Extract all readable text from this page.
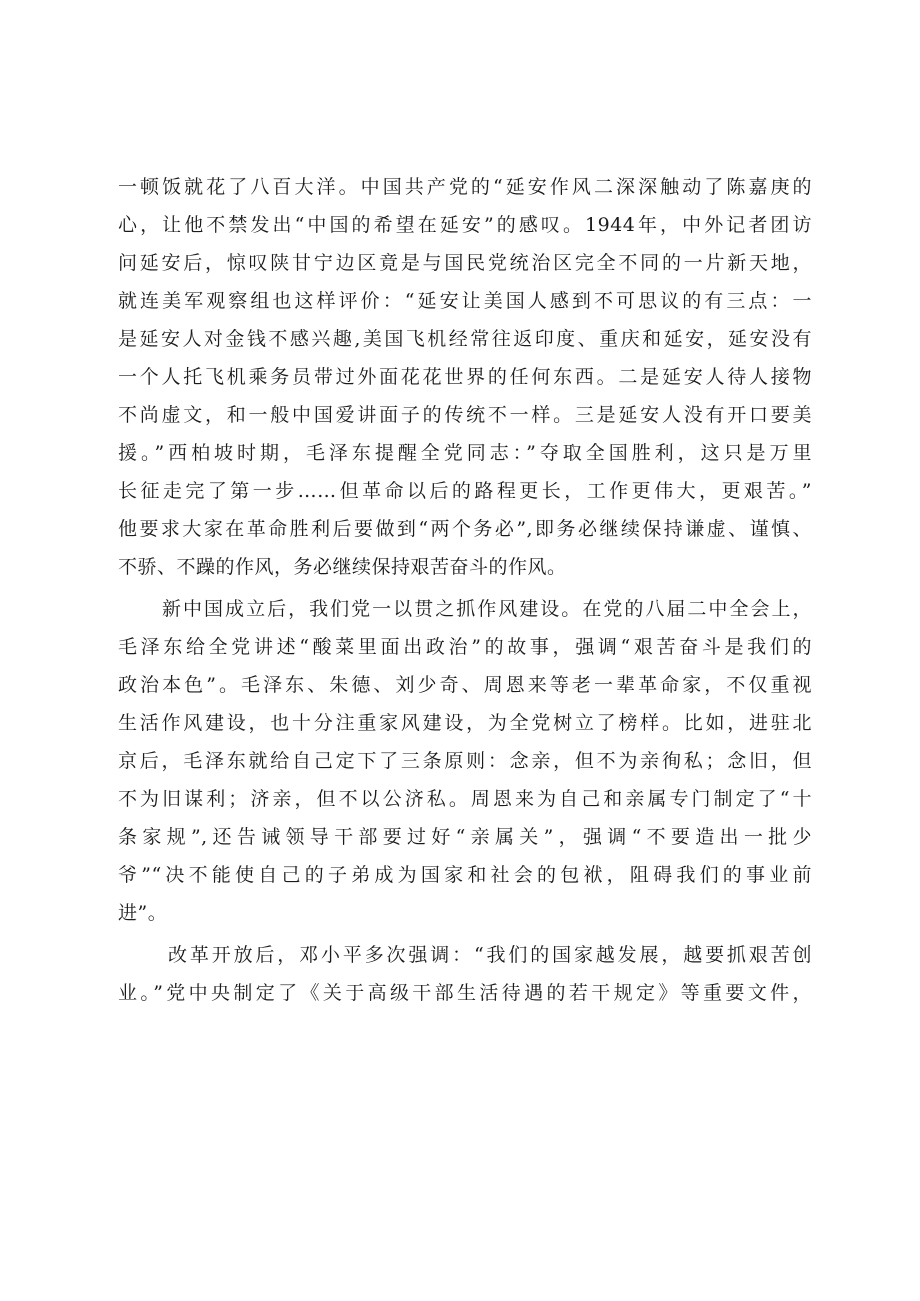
一顿饭就花了八百大洋。中国共产党的“延安作风二深深触动了陈嘉庚的
心，让他不禁发出“中国的希望在延安”的感叹。1944年，中外记者团访
问延安后，惊叹陕甘宁边区竟是与国民党统治区完全不同的一片新天地，
就连美军观察组也这样评价：“延安让美国人感到不可思议的有三点：一
是延安人对金钱不感兴趣,美国飞机经常往返印度、重庆和延安，延安没有
一个人托飞机乘务员带过外面花花世界的任何东西。二是延安人待人接物
不尚虚文，和一般中国爱讲面子的传统不一样。三是延安人没有开口要美
援。”西柏坡时期，毛泽东提醒全党同志：”夺取全国胜利，这只是万里
长征走完了第一步……但革命以后的路程更长，工作更伟大，更艰苦。”
他要求大家在革命胜利后要做到“两个务必”,即务必继续保持谦虚、谨慎、
不骄、不躁的作风，务必继续保持艰苦奋斗的作风。
新中国成立后，我们党一以贯之抓作风建设。在党的八届二中全会上，
毛泽东给全党讲述“酸菜里面出政治”的故事，强调“艰苦奋斗是我们的
政治本色”。毛泽东、朱德、刘少奇、周恩来等老一辈革命家，不仅重视
生活作风建设，也十分注重家风建设，为全党树立了榜样。比如，进驻北
京后，毛泽东就给自己定下了三条原则：念亲，但不为亲徇私；念旧，但
不为旧谋利；济亲，但不以公济私。周恩来为自己和亲属专门制定了“十
条家规”,还告诫领导干部要过好“亲属关”，强调“不要造出一批少
爷”“决不能使自己的子弟成为国家和社会的包袱，阻碍我们的事业前
进”。
改革开放后，邓小平多次强调：“我们的国家越发展，越要抓艰苦创
业。”党中央制定了《关于高级干部生活待遇的若干规定》等重要文件，
